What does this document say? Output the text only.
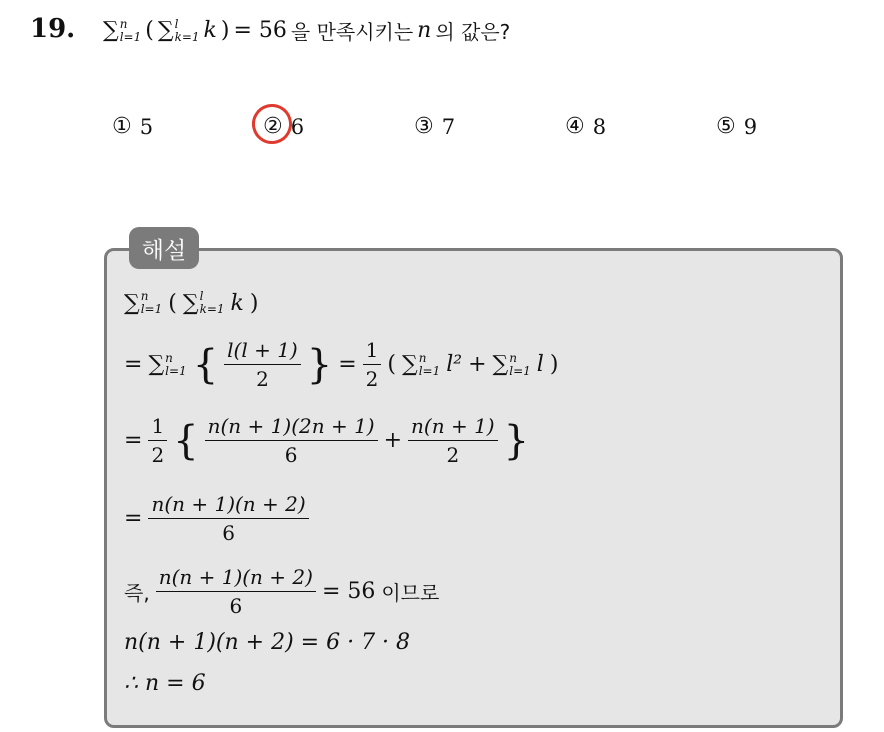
19. ∑ n
l=1 ( ∑ l
k=1 k ) = 56 을 만족시키는 n 의 값은?
① 5	② 6	③ 7	④ 8	⑤ 9
해설
∑ n
l=1 ( ∑ l
k=1 k )
= ∑ n
l=1 { $\frac{l(l + 1)}{2}$ } = $\frac{1}{2}$ ( ∑ n
l=1 l² + ∑ n
l=1 l )
= $\frac{1}{2}$ { $\frac{n(n + 1)(2n + 1)}{6} + \frac{n(n + 1)}{2}$ }
= $\frac{n(n + 1)(n + 2)}{6}$
즉, $\frac{n(n + 1)(n + 2)}{6} = 56$ 이므로
n(n + 1)(n + 2) = 6 · 7 · 8
∴ n = 6
